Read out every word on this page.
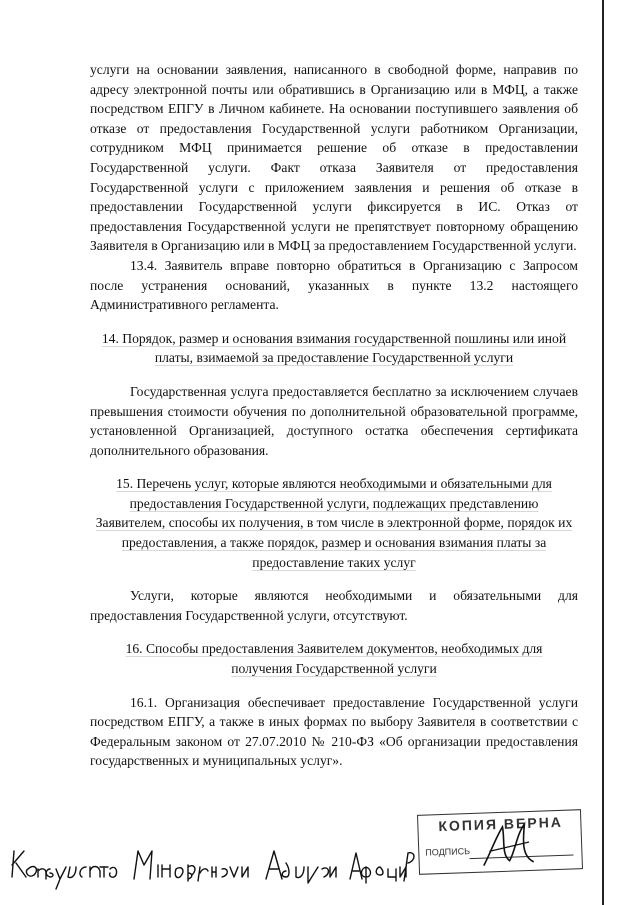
услуги на основании заявления, написанного в свободной форме, направив по адресу электронной почты или обратившись в Организацию или в МФЦ, а также посредством ЕПГУ в Личном кабинете. На основании поступившего заявления об отказе от предоставления Государственной услуги работником Организации, сотрудником МФЦ принимается решение об отказе в предоставлении Государственной услуги. Факт отказа Заявителя от предоставления Государственной услуги с приложением заявления и решения об отказе в предоставлении Государственной услуги фиксируется в ИС. Отказ от предоставления Государственной услуги не препятствует повторному обращению Заявителя в Организацию или в МФЦ за предоставлением Государственной услуги.

13.4. Заявитель вправе повторно обратиться в Организацию с Запросом после устранения оснований, указанных в пункте 13.2 настоящего Административного регламента.

14. Порядок, размер и основания взимания государственной пошлины или иной платы, взимаемой за предоставление Государственной услуги

Государственная услуга предоставляется бесплатно за исключением случаев превышения стоимости обучения по дополнительной образовательной программе, установленной Организацией, доступного остатка обеспечения сертификата дополнительного образования.

15. Перечень услуг, которые являются необходимыми и обязательными для предоставления Государственной услуги, подлежащих представлению Заявителем, способы их получения, в том числе в электронной форме, порядок их предоставления, а также порядок, размер и основания взимания платы за предоставление таких услуг

Услуги, которые являются необходимыми и обязательными для предоставления Государственной услуги, отсутствуют.

16. Способы предоставления Заявителем документов, необходимых для получения Государственной услуги

16.1. Организация обеспечивает предоставление Государственной услуги посредством ЕПГУ, а также в иных формах по выбору Заявителя в соответствии с Федеральным законом от 27.07.2010 № 210-ФЗ «Об организации предоставления государственных и муниципальных услуг».

КОПИЯ ВЕРНА
ПОДПИСЬ
